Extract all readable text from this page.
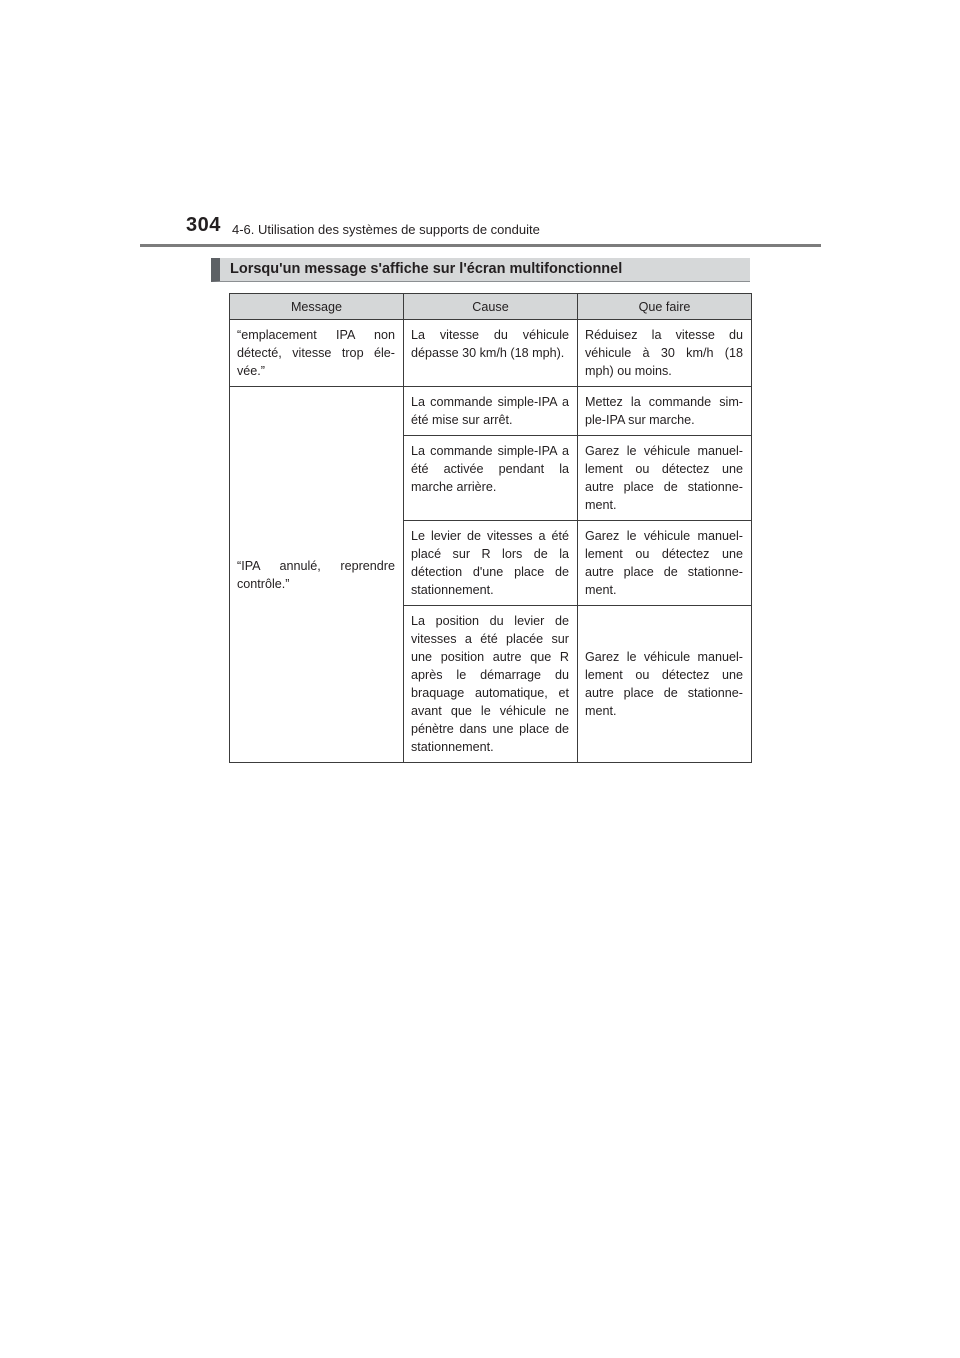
304 4-6. Utilisation des systèmes de supports de conduite
Lorsqu'un message s'affiche sur l'écran multifonctionnel
Message	Cause	Que faire
“emplacement IPA non détecté, vitesse trop éle-vée.”	La vitesse du véhicule dépasse 30 km/h (18 mph).	Réduisez la vitesse du véhicule à 30 km/h (18 mph) ou moins.
“IPA annulé, reprendre contrôle.”	La commande simple-IPA a été mise sur arrêt.	Mettez la commande sim-ple-IPA sur marche.
	La commande simple-IPA a été activée pendant la marche arrière.	Garez le véhicule manuel-lement ou détectez une autre place de stationne-ment.
	Le levier de vitesses a été placé sur R lors de la détection d'une place de stationnement.	Garez le véhicule manuel-lement ou détectez une autre place de stationne-ment.
	La position du levier de vitesses a été placée sur une position autre que R après le démarrage du braquage automatique, et avant que le véhicule ne pénètre dans une place de stationnement.	Garez le véhicule manuel-lement ou détectez une autre place de stationne-ment.
